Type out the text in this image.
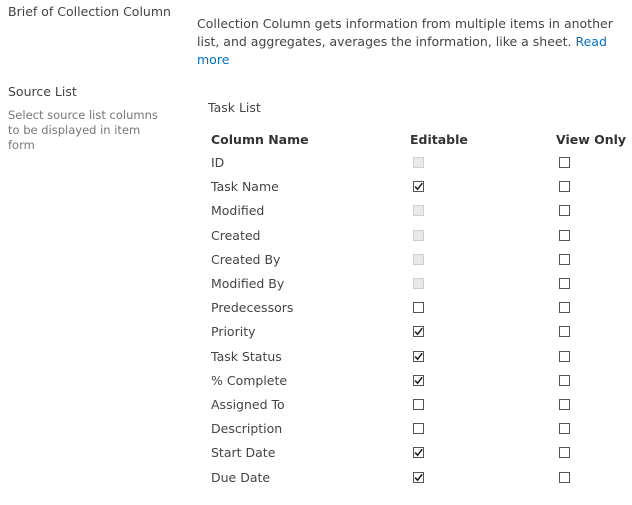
Brief of Collection Column
Collection Column gets information from multiple items in another list, and aggregates, averages the information, like a sheet. Read more
Source List
Select source list columns to be displayed in item form
Task List
Column Name	Editable	View Only
ID
Task Name
Modified
Created
Created By
Modified By
Predecessors
Priority
Task Status
% Complete
Assigned To
Description
Start Date
Due Date
